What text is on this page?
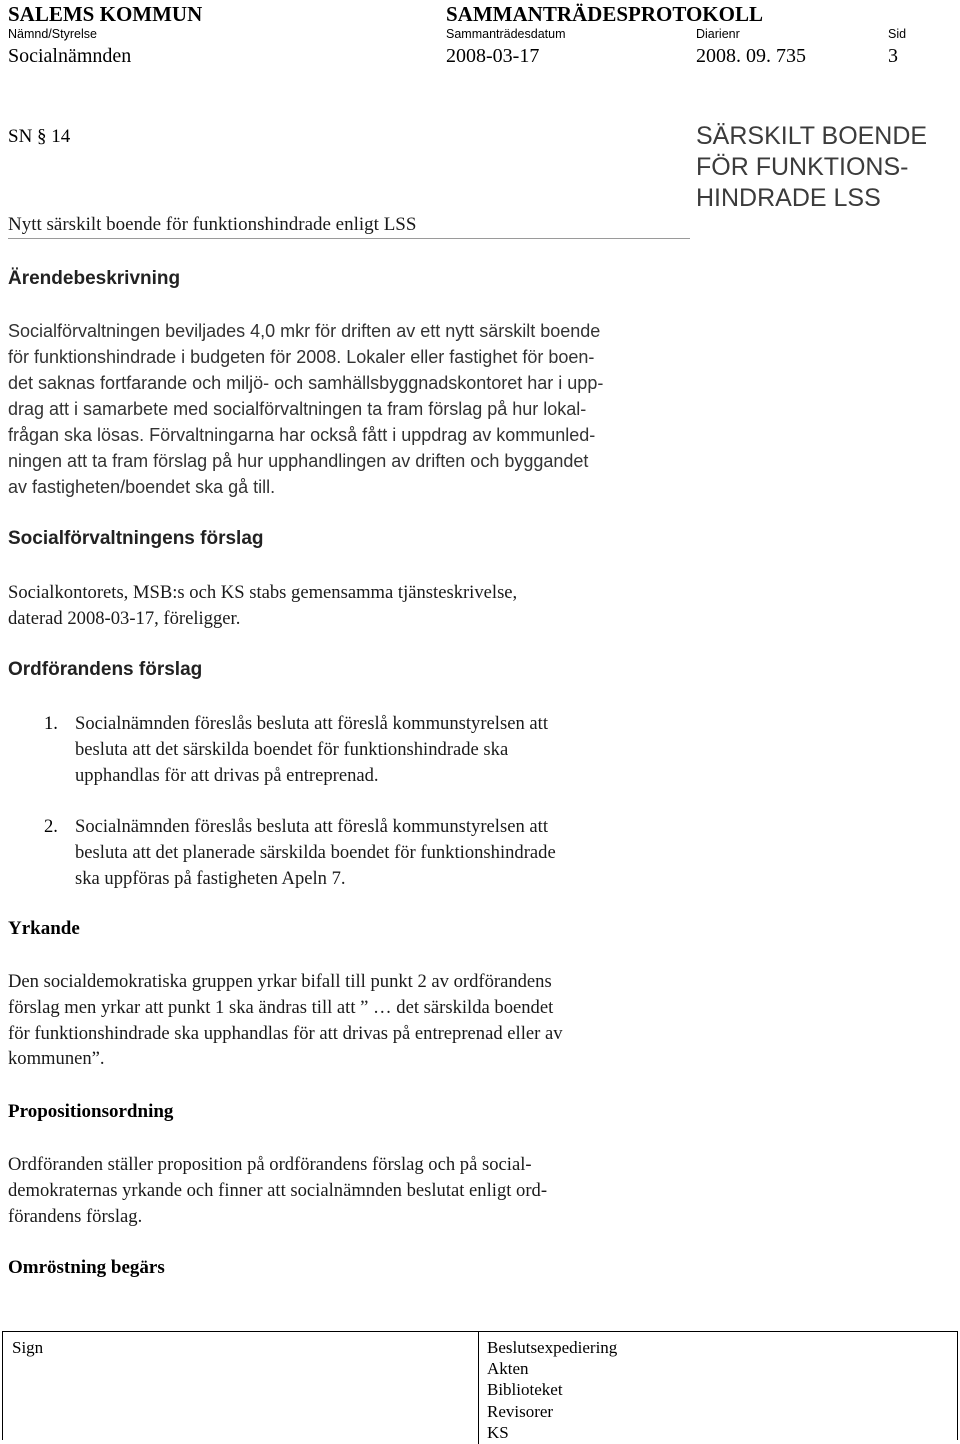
SALEMS KOMMUN	SAMMANTRÄDESPROTOKOLL
Nämnd/Styrelse	Sammanträdesdatum	Diarienr	Sid
Socialnämnden	2008-03-17	2008. 09. 735	3
SN § 14	SÄRSKILT BOENDE
FÖR FUNKTIONS-
HINDRADE LSS
Nytt särskilt boende för funktionshindrade enligt LSS
Ärendebeskrivning
Socialförvaltningen beviljades 4,0 mkr för driften av ett nytt särskilt boende
för funktionshindrade i budgeten för 2008. Lokaler eller fastighet för boen-
det saknas fortfarande och miljö- och samhällsbyggnadskontoret har i upp-
drag att i samarbete med socialförvaltningen ta fram förslag på hur lokal-
frågan ska lösas. Förvaltningarna har också fått i uppdrag av kommunled-
ningen att ta fram förslag på hur upphandlingen av driften och byggandet
av fastigheten/boendet ska gå till.
Socialförvaltningens förslag
Socialkontorets, MSB:s och KS stabs gemensamma tjänsteskrivelse,
daterad 2008-03-17, föreligger.
Ordförandens förslag
1. Socialnämnden föreslås besluta att föreslå kommunstyrelsen att
besluta att det särskilda boendet för funktionshindrade ska
upphandlas för att drivas på entreprenad.
2. Socialnämnden föreslås besluta att föreslå kommunstyrelsen att
besluta att det planerade särskilda boendet för funktionshindrade
ska uppföras på fastigheten Apeln 7.
Yrkande
Den socialdemokratiska gruppen yrkar bifall till punkt 2 av ordförandens
förslag men yrkar att punkt 1 ska ändras till att ” … det särskilda boendet
för funktionshindrade ska upphandlas för att drivas på entreprenad eller av
kommunen”.
Propositionsordning
Ordföranden ställer proposition på ordförandens förslag och på social-
demokraternas yrkande och finner att socialnämnden beslutat enligt ord-
förandens förslag.
Omröstning begärs
Sign	Beslutsexpediering
Akten
Biblioteket
Revisorer
KS
